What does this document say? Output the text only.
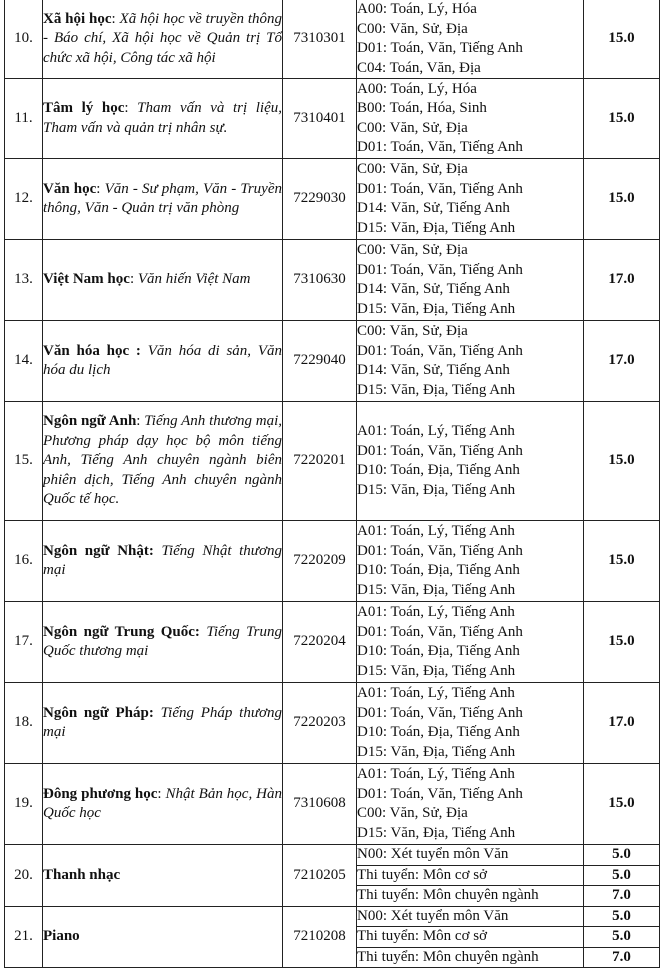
10.	Xã hội học: Xã hội học về truyền thông - Báo chí, Xã hội học về Quản trị Tổ chức xã hội, Công tác xã hội	7310301	A00: Toán, Lý, Hóa
C00: Văn, Sử, Địa
D01: Toán, Văn, Tiếng Anh
C04: Toán, Văn, Địa	15.0
11.	Tâm lý học: Tham vấn và trị liệu, Tham vấn và quản trị nhân sự.	7310401	A00: Toán, Lý, Hóa
B00: Toán, Hóa, Sinh
C00: Văn, Sử, Địa
D01: Toán, Văn, Tiếng Anh	15.0
12.	Văn học: Văn - Sư phạm, Văn - Truyền thông, Văn - Quản trị văn phòng	7229030	C00: Văn, Sử, Địa
D01: Toán, Văn, Tiếng Anh
D14: Văn, Sử, Tiếng Anh
D15: Văn, Địa, Tiếng Anh	15.0
13.	Việt Nam học: Văn hiến Việt Nam	7310630	C00: Văn, Sử, Địa
D01: Toán, Văn, Tiếng Anh
D14: Văn, Sử, Tiếng Anh
D15: Văn, Địa, Tiếng Anh	17.0
14.	Văn hóa học : Văn hóa di sản, Văn hóa du lịch	7229040	C00: Văn, Sử, Địa
D01: Toán, Văn, Tiếng Anh
D14: Văn, Sử, Tiếng Anh
D15: Văn, Địa, Tiếng Anh	17.0
15.	Ngôn ngữ Anh: Tiếng Anh thương mại, Phương pháp dạy học bộ môn tiếng Anh, Tiếng Anh chuyên ngành biên phiên dịch, Tiếng Anh chuyên ngành Quốc tế học.	7220201	A01: Toán, Lý, Tiếng Anh
D01: Toán, Văn, Tiếng Anh
D10: Toán, Địa, Tiếng Anh
D15: Văn, Địa, Tiếng Anh	15.0
16.	Ngôn ngữ Nhật: Tiếng Nhật thương mại	7220209	A01: Toán, Lý, Tiếng Anh
D01: Toán, Văn, Tiếng Anh
D10: Toán, Địa, Tiếng Anh
D15: Văn, Địa, Tiếng Anh	15.0
17.	Ngôn ngữ Trung Quốc: Tiếng Trung Quốc thương mại	7220204	A01: Toán, Lý, Tiếng Anh
D01: Toán, Văn, Tiếng Anh
D10: Toán, Địa, Tiếng Anh
D15: Văn, Địa, Tiếng Anh	15.0
18.	Ngôn ngữ Pháp: Tiếng Pháp thương mại	7220203	A01: Toán, Lý, Tiếng Anh
D01: Toán, Văn, Tiếng Anh
D10: Toán, Địa, Tiếng Anh
D15: Văn, Địa, Tiếng Anh	17.0
19.	Đông phương học: Nhật Bản học, Hàn Quốc học	7310608	A01: Toán, Lý, Tiếng Anh
D01: Toán, Văn, Tiếng Anh
C00: Văn, Sử, Địa
D15: Văn, Địa, Tiếng Anh	15.0
20.	Thanh nhạc	7210205	N00: Xét tuyển môn Văn	5.0
			Thi tuyển: Môn cơ sở	5.0
			Thi tuyển: Môn chuyên ngành	7.0
21.	Piano	7210208	N00: Xét tuyển môn Văn	5.0
			Thi tuyển: Môn cơ sở	5.0
			Thi tuyển: Môn chuyên ngành	7.0
